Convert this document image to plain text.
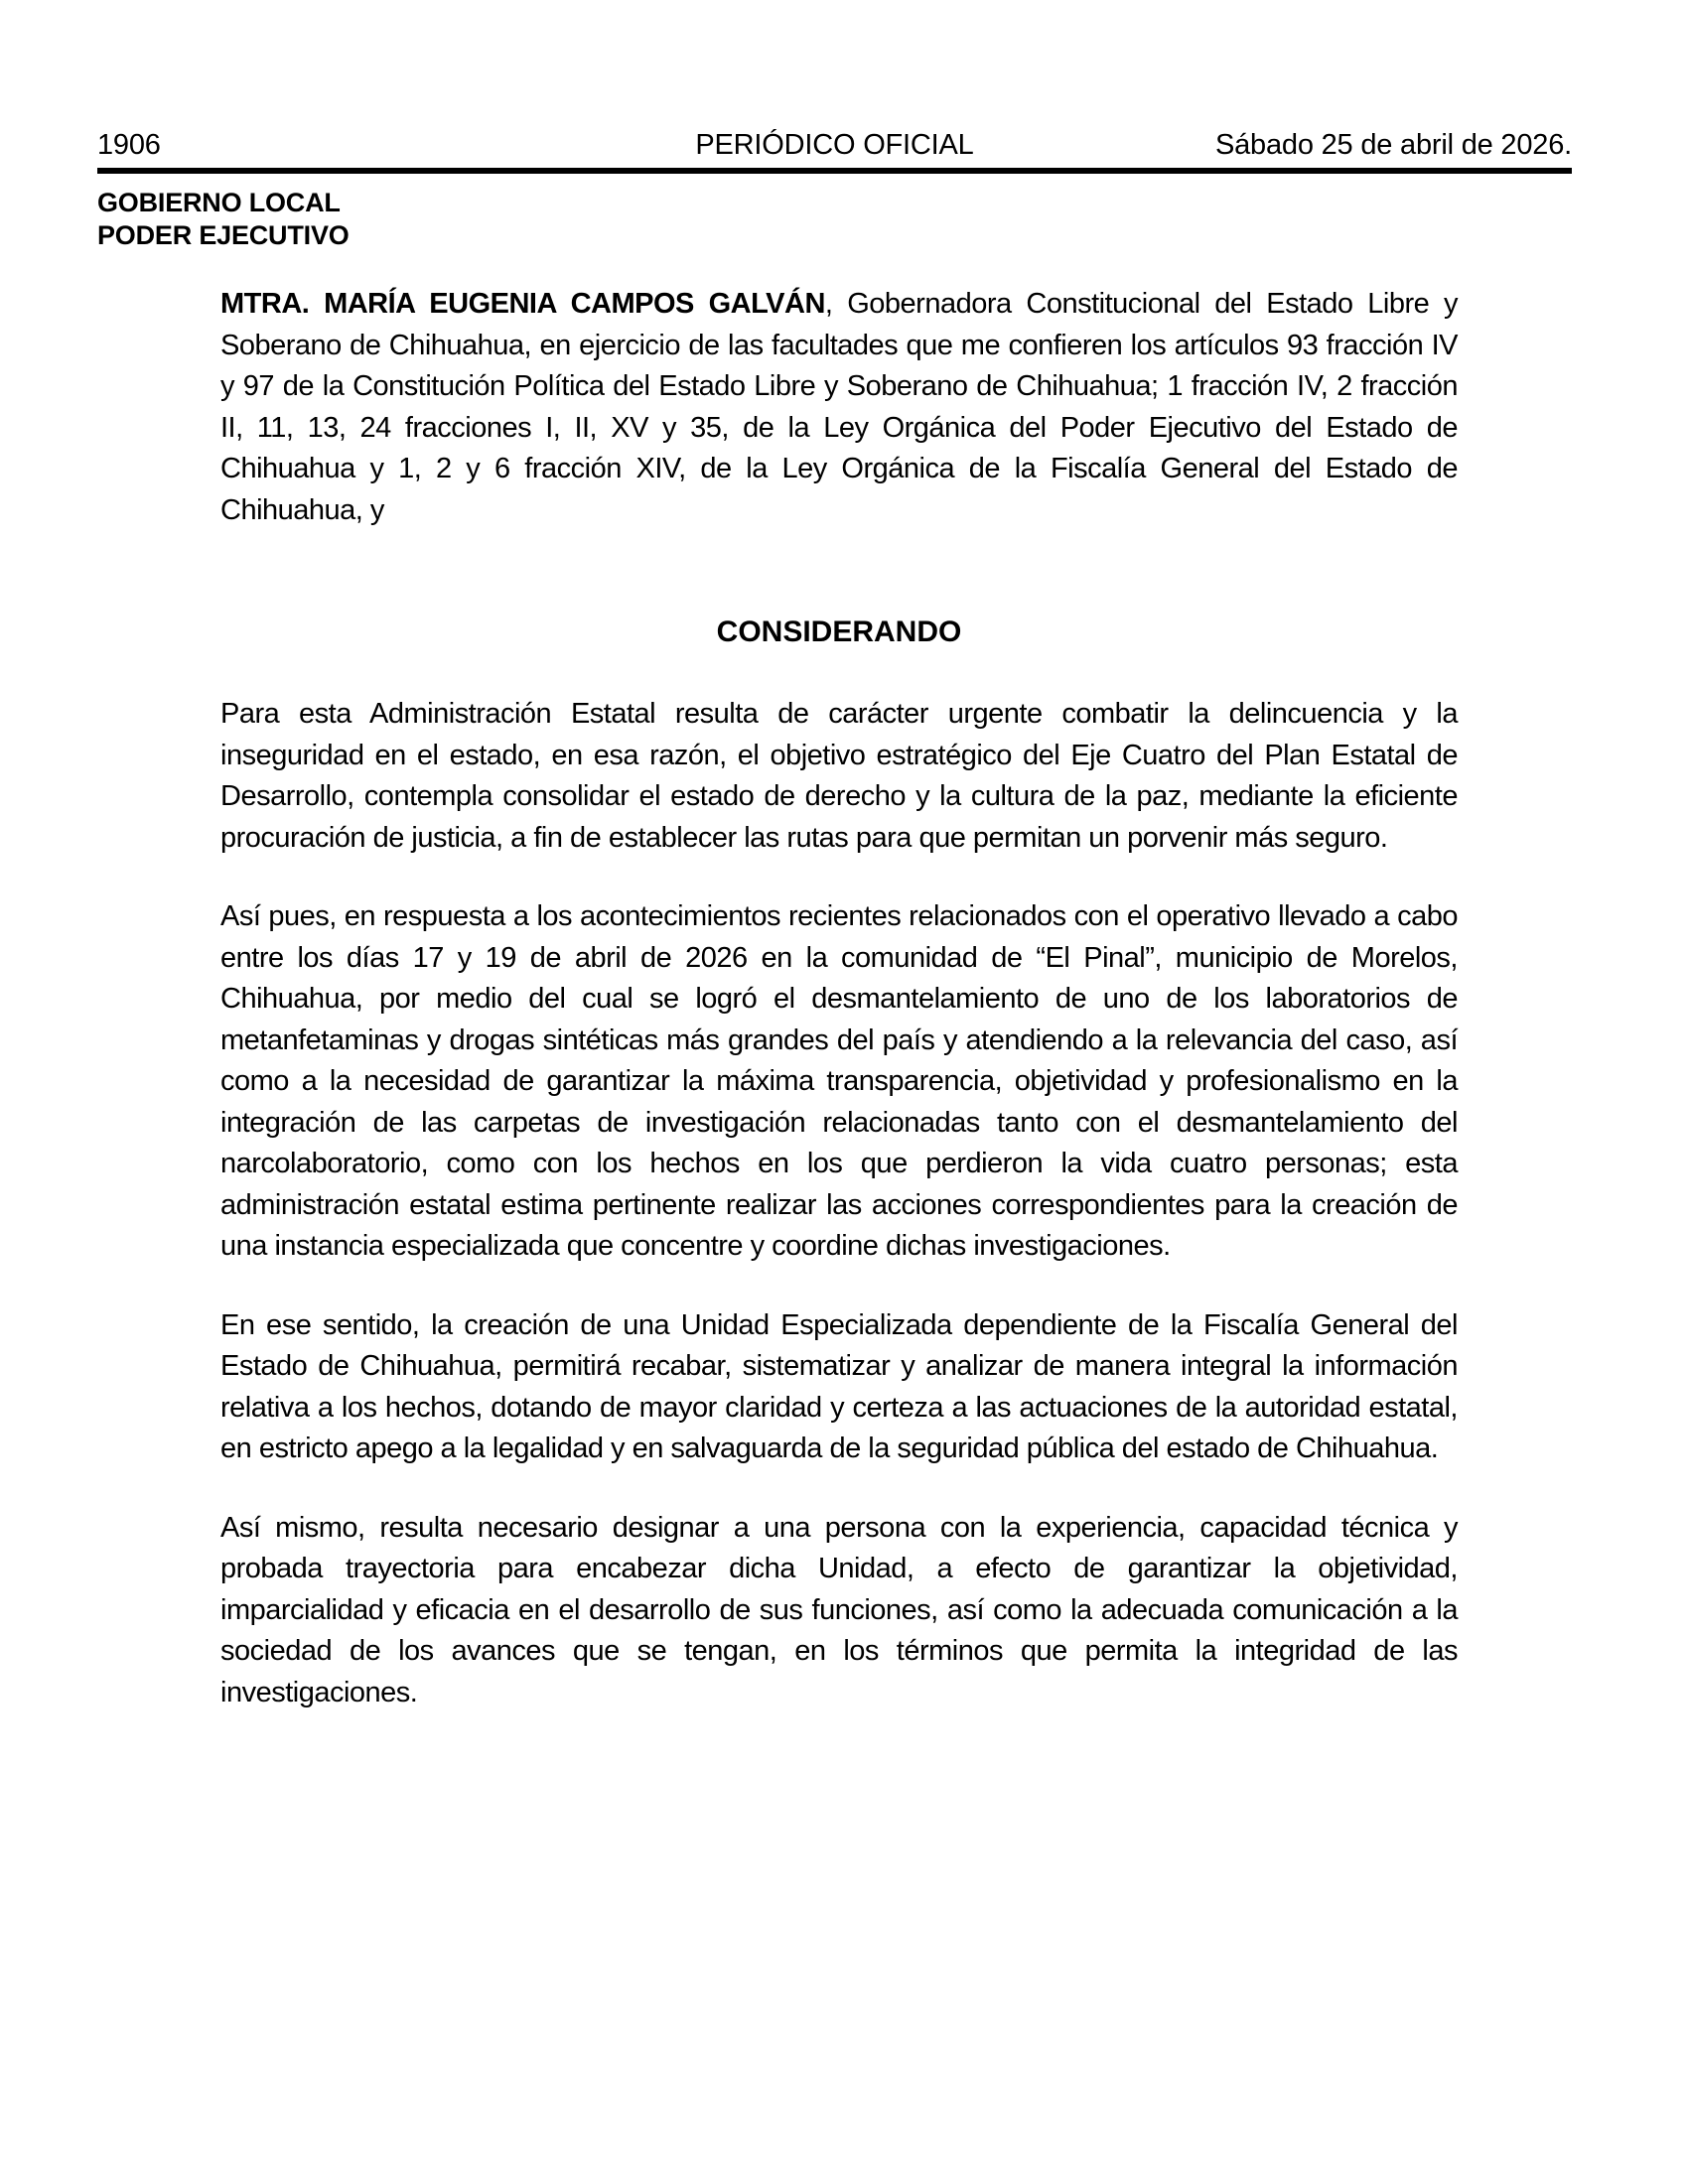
1906	PERIÓDICO OFICIAL	Sábado 25 de abril de 2026.
GOBIERNO LOCAL
PODER EJECUTIVO

MTRA. MARÍA EUGENIA CAMPOS GALVÁN, Gobernadora Constitucional del Estado Libre y Soberano de Chihuahua, en ejercicio de las facultades que me confieren los artículos 93 fracción IV y 97 de la Constitución Política del Estado Libre y Soberano de Chihuahua; 1 fracción IV, 2 fracción II, 11, 13, 24 fracciones I, II, XV y 35, de la Ley Orgánica del Poder Ejecutivo del Estado de Chihuahua y 1, 2 y 6 fracción XIV, de la Ley Orgánica de la Fiscalía General del Estado de Chihuahua, y

CONSIDERANDO

Para esta Administración Estatal resulta de carácter urgente combatir la delincuencia y la inseguridad en el estado, en esa razón, el objetivo estratégico del Eje Cuatro del Plan Estatal de Desarrollo, contempla consolidar el estado de derecho y la cultura de la paz, mediante la eficiente procuración de justicia, a fin de establecer las rutas para que permitan un porvenir más seguro.

Así pues, en respuesta a los acontecimientos recientes relacionados con el operativo llevado a cabo entre los días 17 y 19 de abril de 2026 en la comunidad de “El Pinal”, municipio de Morelos, Chihuahua, por medio del cual se logró el desmantelamiento de uno de los laboratorios de metanfetaminas y drogas sintéticas más grandes del país y atendiendo a la relevancia del caso, así como a la necesidad de garantizar la máxima transparencia, objetividad y profesionalismo en la integración de las carpetas de investigación relacionadas tanto con el desmantelamiento del narcolaboratorio, como con los hechos en los que perdieron la vida cuatro personas; esta administración estatal estima pertinente realizar las acciones correspondientes para la creación de una instancia especializada que concentre y coordine dichas investigaciones.

En ese sentido, la creación de una Unidad Especializada dependiente de la Fiscalía General del Estado de Chihuahua, permitirá recabar, sistematizar y analizar de manera integral la información relativa a los hechos, dotando de mayor claridad y certeza a las actuaciones de la autoridad estatal, en estricto apego a la legalidad y en salvaguarda de la seguridad pública del estado de Chihuahua.

Así mismo, resulta necesario designar a una persona con la experiencia, capacidad técnica y probada trayectoria para encabezar dicha Unidad, a efecto de garantizar la objetividad, imparcialidad y eficacia en el desarrollo de sus funciones, así como la adecuada comunicación a la sociedad de los avances que se tengan, en los términos que permita la integridad de las investigaciones.
